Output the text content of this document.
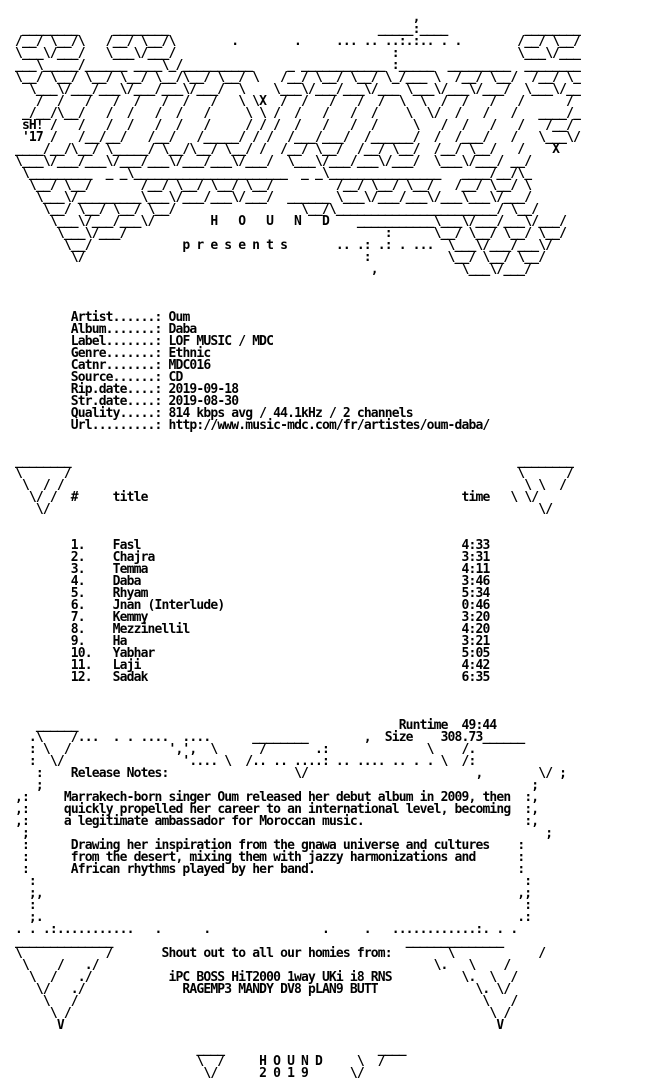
,
________     ________                              _____:____           ________
/__/ \__/\   /__/ \__/\        .        .     ... .. ..:.:.. . .        /__/ \__/
\___\/___/   \___\/___/                               :                 \___\/___
___\_____/______ ____\_/__________     _ ____________ :_____  _________  ________
\__/ \__/ \__/ \__/ \__/\__/ \__/ \   /__/ \__/ \__/ \_/___ \  /__/ \__/  /__/ \_
\___\/___/___\/___/___\/___/  \    \___\/___/___\/___ \___\/___\/___/  \___\/__
/  /   /   /  /   /  /   /   \ \X  /  /   /   /  /  \  \  /  /   /   /      /
_/__/\__/   /  /   /  /   /     \ \ /  /   /   /  /    \  \/  /   /   /   ____/_
sH! /   /   /  /   /  /   /     / / /  /   /   /  /     \   /  /   /   /   /__/
'17 /   /__/__/   /__/   /_____/ / /  /___/___/  /______/  /  /___/   /   \___\/
____/__/\__/ \_____/ \__/\__/ \__/ /  /__/ \__/  /__/ \__/  /__/ \__/   /    X
\___\/___/___\/___/___\/___/___\/___/  \___\/___/___\/___/  \___\/___/ __/
\_________  _ _\______________________  _ _\________________   ____/__/\_
\__/ \__/       /__/ \__/ \__/ \__/         /__/ \__/ \__/   /__/ \__/ \
\___\/_________\___\/___/___\/___/  ______ \___\/___/___\/___\___\/___/
\__/ \__/ \__/ \__/                  \__/\_______________________/ \__/
\___\/___/___\/        H   O   U   N   D    ___________\___\/___/___\/___/
\___\/___/                                     :      \__/ \__/ \__/ \__/
\__/             p r e s e n t s       .. .: .: . ...  \___\/___/___\/
\/                                        :           \__/ \__/ \__/
,            \___\/___/

Artist......: Oum
Album.......: Daba
Label.......: LOF MUSIC / MDC
Genre.......: Ethnic
Catnr.......: MDC016
Source......: CD
Rip.date....: 2019-09-18
Str.date....: 2019-08-30
Quality.....: 814 kbps avg / 44.1kHz / 2 channels
Url.........: http://www.music-mdc.com/fr/artistes/oum-daba/

________                                                                ________
\      /                                                                \      /
\  / /                                                                  \ \  /
\/ /  #     title                                             time   \ \/
\/                                                                      \/

1.    Fasl                                              4:33
2.    Chajra                                            3:31
3.    Temma                                             4:11
4.    Daba                                              3:46
5.    Rhyam                                             5:34
6.    Jnan (Interlude)                                  0:46
7.    Kemmy                                             3:20
8.    Mezzinellil                                       4:20
9.    Ha                                                3:21
10.   Yabhar                                            5:05
11.   Laji                                              4:42
12.   Sadak                                             6:35

______                                              Runtime  49:44
.\    /...  . . ....  ....      ________        ,  Size    308.73______
: \  /              ',',  \      /       .:              \    /.
:  \/                 '.... \  /.. .. ....: .. .... .. . . \  /:
:    Release Notes:                  \/                        ,        \/ ;
;                                                                      ;
,:     Marrakech-born singer Oum released her debut album in 2009, then  :,
,:     quickly propelled her career to an international level, becoming  :,
,:     a legitimate ambassador for Moroccan music.                       :,
;                                                                          ;
:      Drawing her inspiration from the gnawa universe and cultures    :
:      from the desert, mixing them with jazzy harmonizations and      :
:      African rhythms played by her band.                             :
:                                                                      :
;,                                                                    ,;
:                                                                      :
;.                                                                    .:
. . .:...........   .      .                .     .   ............:. . .
______________                                          ______________
\            /       Shout out to all our homies from:        \            /
\    /   ./                                                \.   \    /
\  /   ./           iPC BOSS HiT2000 1way UKi i8 RNS          \.  \  /
\/   ./              RAGEMP3 MANDY DV8 pLAN9 BUTT              \. \/
\   /                                                          \   /
\ /                                                            \ /
V                                                              V

____                      ____
\  /     H O U N D     \  /
\/      2 0 1 9      \/
